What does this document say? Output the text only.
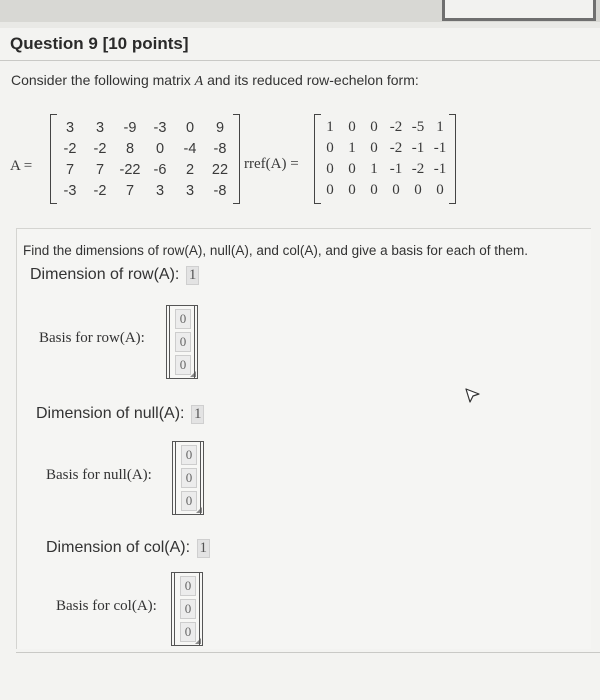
Question 9 [10 points]
Consider the following matrix A and its reduced row-echelon form:
A =
3	3	-9	-3	0	9
-2	-2	8	0	-4	-8
7	7	-22 -6	2	22
-3	-2	7	3	3	-8
rref(A) =
1 0 0 -2 -5 1
0 1 0 -2 -1 -1
0 0 1 -1 -2 -1
0 0 0 0 0 0
Find the dimensions of row(A), null(A), and col(A), and give a basis for each of them.
Dimension of row(A): 1
Basis for row(A):
0
0
0
Dimension of null(A): 1
Basis for null(A):
0
0
0
Dimension of col(A): 1
Basis for col(A):
0
0
0
